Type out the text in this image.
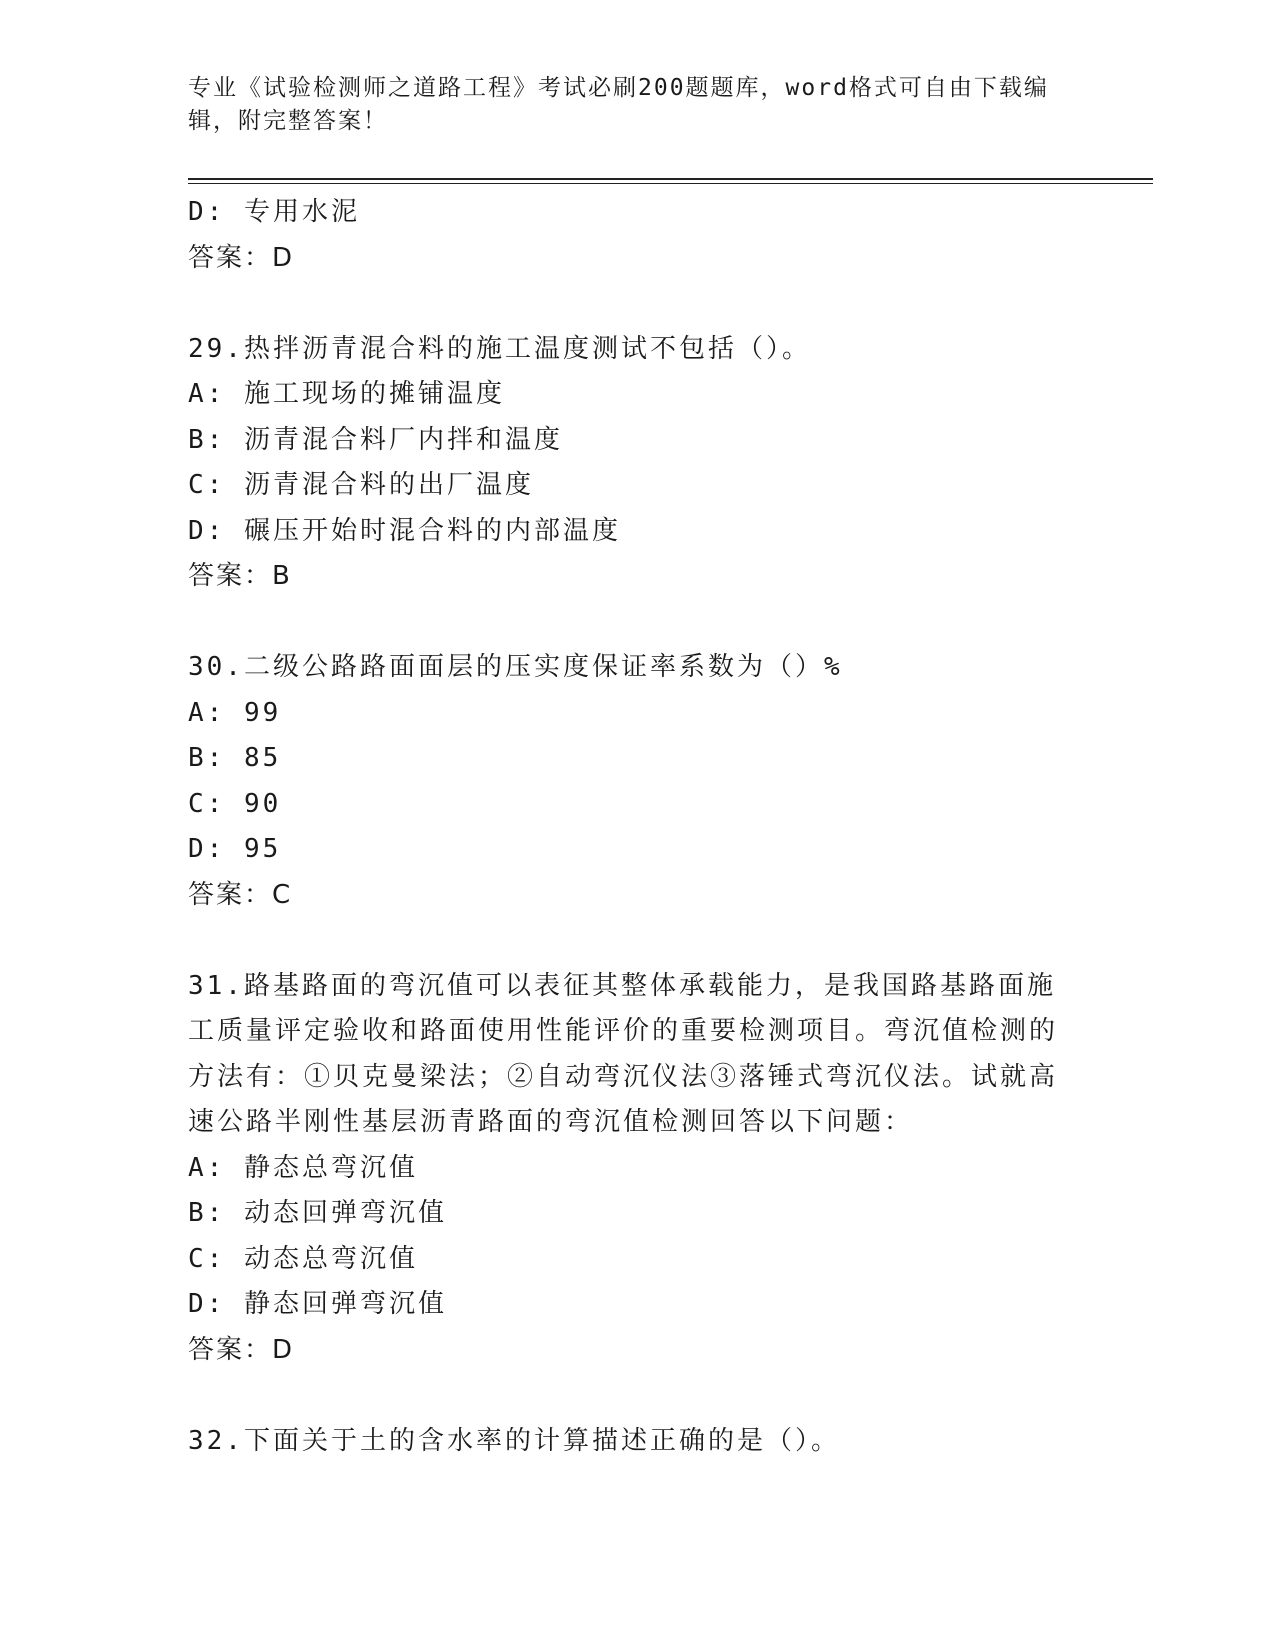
专业《试验检测师之道路工程》考试必刷200题题库，word格式可自由下载编辑，附完整答案！
D: 专用水泥
答案：D
29.热拌沥青混合料的施工温度测试不包括（）。
A: 施工现场的摊铺温度
B: 沥青混合料厂内拌和温度
C: 沥青混合料的出厂温度
D: 碾压开始时混合料的内部温度
答案：B
30.二级公路路面面层的压实度保证率系数为（）%
A: 99
B: 85
C: 90
D: 95
答案：C
31.路基路面的弯沉值可以表征其整体承载能力，是我国路基路面施工质量评定验收和路面使用性能评价的重要检测项目。弯沉值检测的方法有：①贝克曼梁法；②自动弯沉仪法③落锤式弯沉仪法。试就高速公路半刚性基层沥青路面的弯沉值检测回答以下问题：
A: 静态总弯沉值
B: 动态回弹弯沉值
C: 动态总弯沉值
D: 静态回弹弯沉值
答案：D
32.下面关于土的含水率的计算描述正确的是（）。
